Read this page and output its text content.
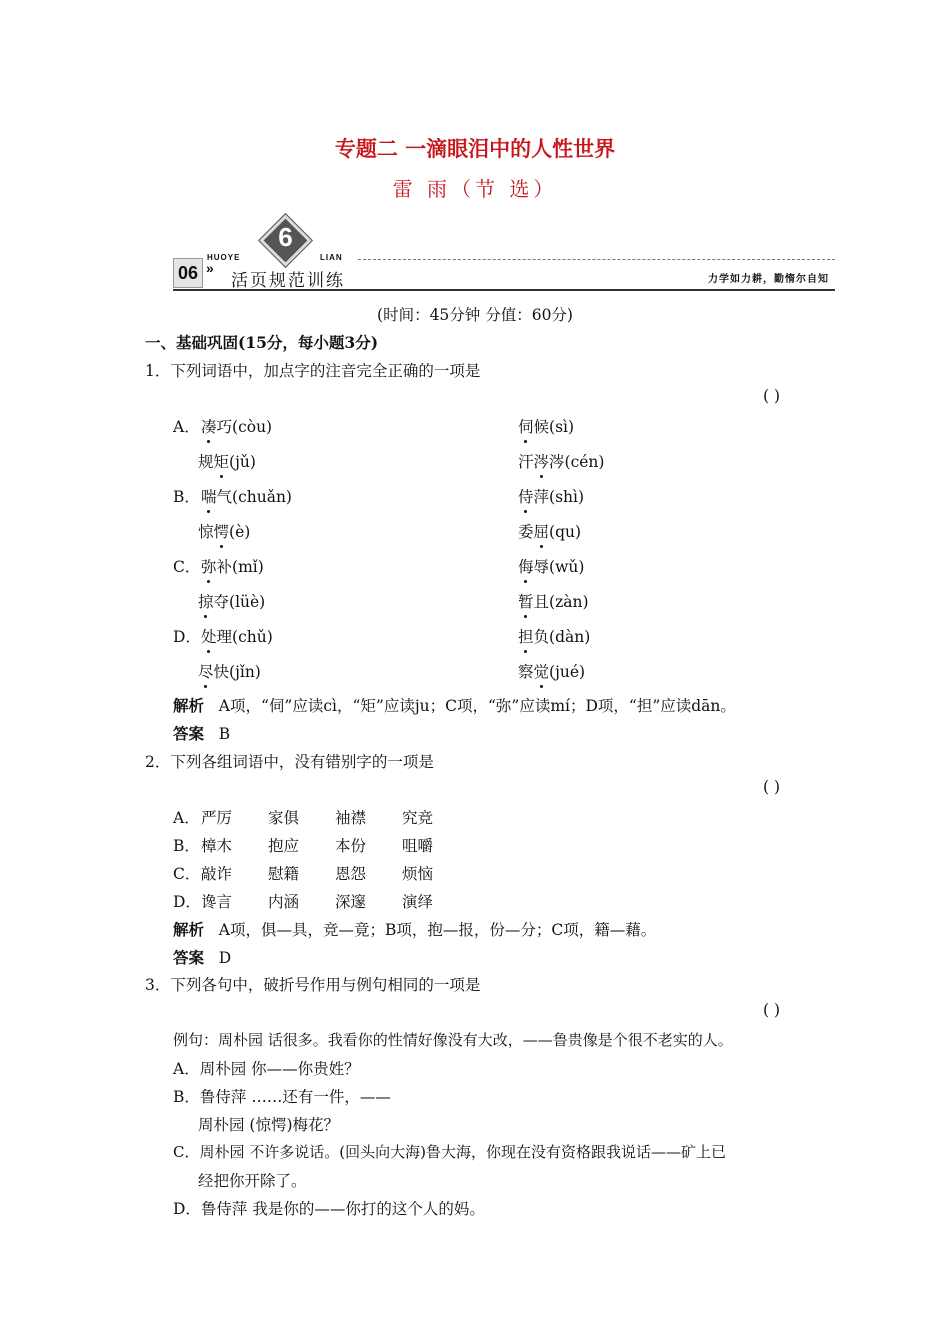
专题二 一滴眼泪中的人性世界
雷 雨（节 选）
06 »
HUOYE	LIAN
6
活页规范训练	力学如力耕，勤惰尔自知
(时间：45分钟 分值：60分)
一、基础巩固(15分，每小题3分)
1．下列词语中，加点字的注音完全正确的一项是
( )
A． 凑巧(còu)	伺候(sì)
规矩(jǔ)	汗涔涔(cén)
B． 喘气(chuǎn)	侍萍(shì)
惊愕(è)	委屈(qu)
C． 弥补(mǐ)	侮辱(wǔ)
掠夺(lüè)	暂且(zàn)
D． 处理(chǔ)	担负(dàn)
尽快(jǐn)	察觉(jué)
解析 A项，“伺”应读cì，“矩”应读ju；C项，“弥”应读mí；D项，“担”应读dān。
答案 B
2．下列各组词语中，没有错别字的一项是
( )
A． 严厉 家俱 袖襟 究竞
B． 樟木 抱应 本份 咀嚼
C． 敲诈 慰籍 恩怨 烦恼
D． 谗言 内涵 深邃 演绎
解析 A项，俱—具，竞—竟；B项，抱—报，份—分；C项，籍—藉。
答案 D
3．下列各句中，破折号作用与例句相同的一项是
( )
例句：周朴园 话很多。我看你的性情好像没有大改，——鲁贵像是个很不老实的人。
A．周朴园 你——你贵姓？
B．鲁侍萍 ……还有一件，——
周朴园 (惊愕)梅花？
C．周朴园 不许多说话。(回头向大海)鲁大海，你现在没有资格跟我说话——矿上已
经把你开除了。
D．鲁侍萍 我是你的——你打的这个人的妈。
